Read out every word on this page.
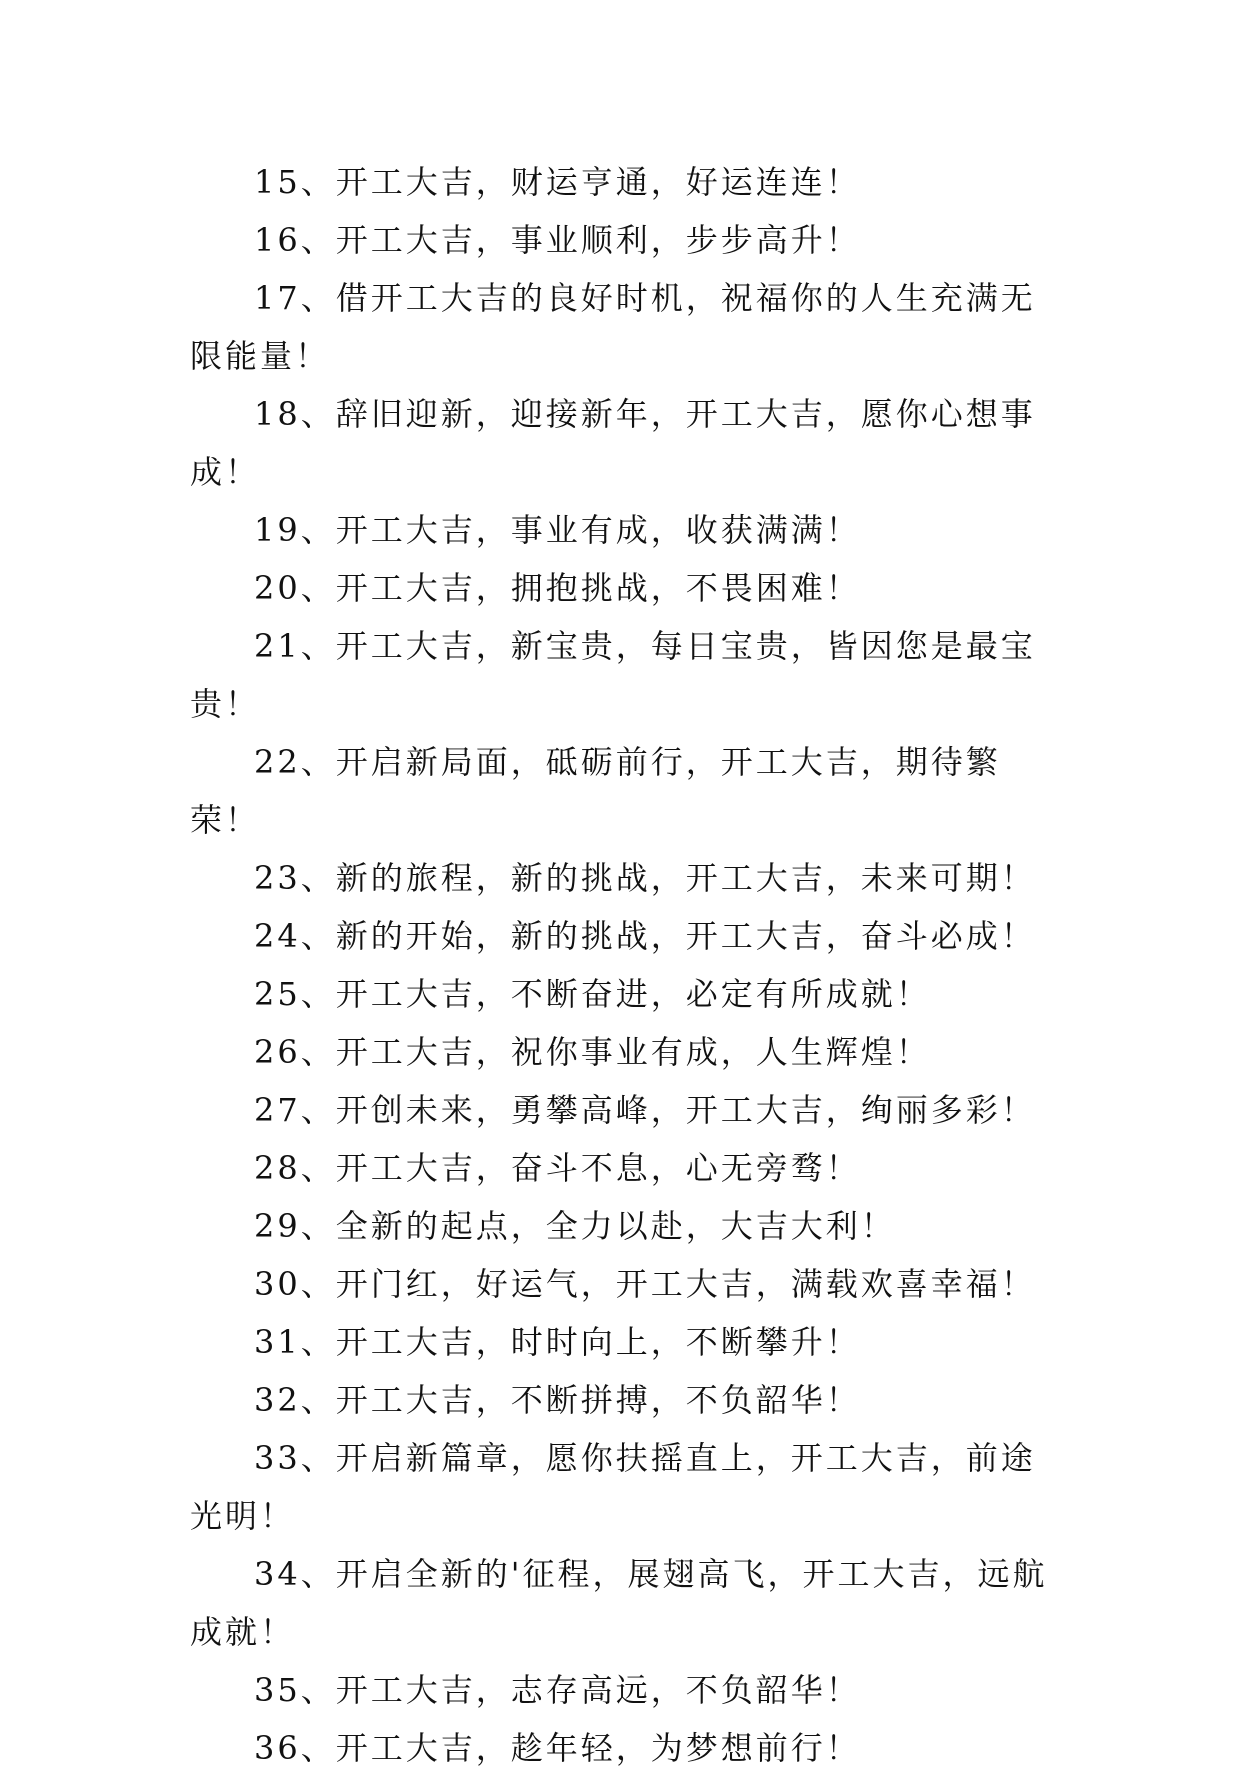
15、开工大吉，财运亨通，好运连连！

16、开工大吉，事业顺利，步步高升！

17、借开工大吉的良好时机，祝福你的人生充满无限能量！

18、辞旧迎新，迎接新年，开工大吉，愿你心想事成！

19、开工大吉，事业有成，收获满满！

20、开工大吉，拥抱挑战，不畏困难！

21、开工大吉，新宝贵，每日宝贵，皆因您是最宝贵！

22、开启新局面，砥砺前行，开工大吉，期待繁荣！

23、新的旅程，新的挑战，开工大吉，未来可期！

24、新的开始，新的挑战，开工大吉，奋斗必成！

25、开工大吉，不断奋进，必定有所成就！

26、开工大吉，祝你事业有成，人生辉煌！

27、开创未来，勇攀高峰，开工大吉，绚丽多彩！

28、开工大吉，奋斗不息，心无旁骛！

29、全新的起点，全力以赴，大吉大利！

30、开门红，好运气，开工大吉，满载欢喜幸福！

31、开工大吉，时时向上，不断攀升！

32、开工大吉，不断拼搏，不负韶华！

33、开启新篇章，愿你扶摇直上，开工大吉，前途光明！

34、开启全新的'征程，展翅高飞，开工大吉，远航成就！

35、开工大吉，志存高远，不负韶华！

36、开工大吉，趁年轻，为梦想前行！
